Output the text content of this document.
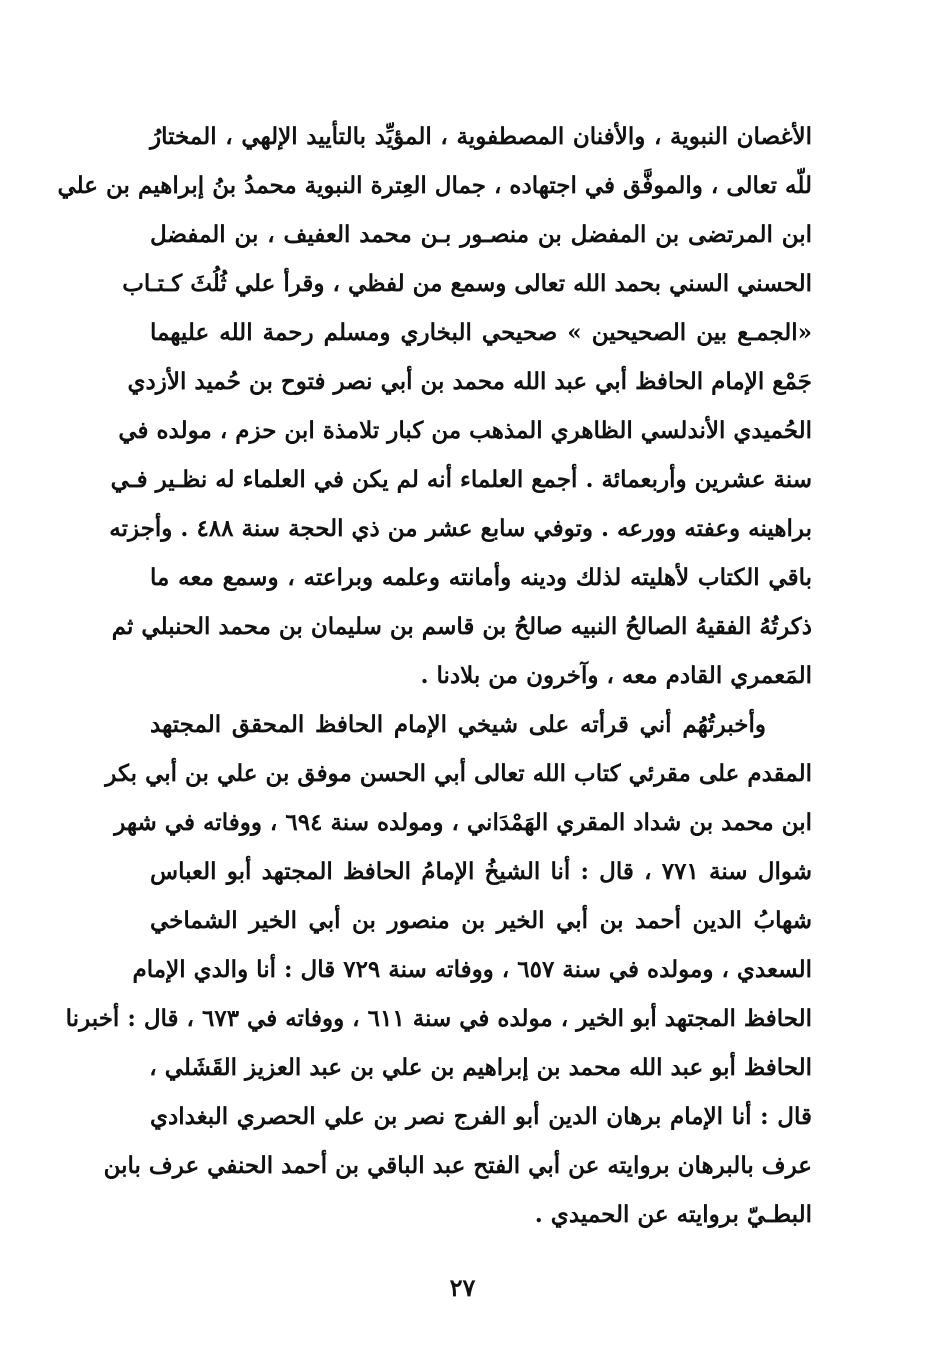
الأغصان النبوية ، والأفنان المصطفوية ، المؤيِّد بالتأييد الإلهي ، المختارُ
للّه تعالى ، والموفَّق في اجتهاده ، جمال العِترة النبوية محمدُ بنُ إبراهيم بن علي
ابن المرتضى بن المفضل بن منصـور بـن محمد العفيف ، بن المفضل
الحسني السني بحمد الله تعالى وسمع من لفظي ، وقرأ علي ثُلُثَ كـتـاب
«الجمـع بين الصحيحين » صحيحي البخاري ومسلم رحمة الله عليهما
جَمْع الإمام الحافظ أبي عبد الله محمد بن أبي نصر فتوح بن حُميد الأزدي
الحُميدي الأندلسي الظاهري المذهب من كبار تلامذة ابن حزم ، مولده في
سنة عشرين وأربعمائة . أجمع العلماء أنه لم يكن في العلماء له نظـير فـي
براهينه وعفته وورعه . وتوفي سابع عشر من ذي الحجة سنة ٤٨٨ . وأجزته
باقي الكتاب لأهليته لذلك ودينه وأمانته وعلمه وبراعته ، وسمع معه ما
ذكرتُهُ الفقيهُ الصالحُ النبيه صالحُ بن قاسم بن سليمان بن محمد الحنبلي ثم
المَعمري القادم معه ، وآخرون من بلادنا .
وأخبرتُهُم أني قرأته على شيخي الإمام الحافظ المحقق المجتهد
المقدم على مقرئي كتاب الله تعالى أبي الحسن موفق بن علي بن أبي بكر
ابن محمد بن شداد المقري الهَمْدَاني ، ومولده سنة ٦٩٤ ، ووفاته في شهر
شوال سنة ٧٧١ ، قال : أنا الشيخُ الإمامُ الحافظ المجتهد أبو العباس
شهابُ الدين أحمد بن أبي الخير بن منصور بن أبي الخير الشماخي
السعدي ، ومولده في سنة ٦٥٧ ، ووفاته سنة ٧٢٩ قال : أنا والدي الإمام
الحافظ المجتهد أبو الخير ، مولده في سنة ٦١١ ، ووفاته في ٦٧٣ ، قال : أخبرنا
الحافظ أبو عبد الله محمد بن إبراهيم بن علي بن عبد العزيز القَشَلي ،
قال : أنا الإمام برهان الدين أبو الفرج نصر بن علي الحصري البغدادي
عرف بالبرهان بروايته عن أبي الفتح عبد الباقي بن أحمد الحنفي عرف بابن
البطـيّ بروايته عن الحميدي .
٢٧
